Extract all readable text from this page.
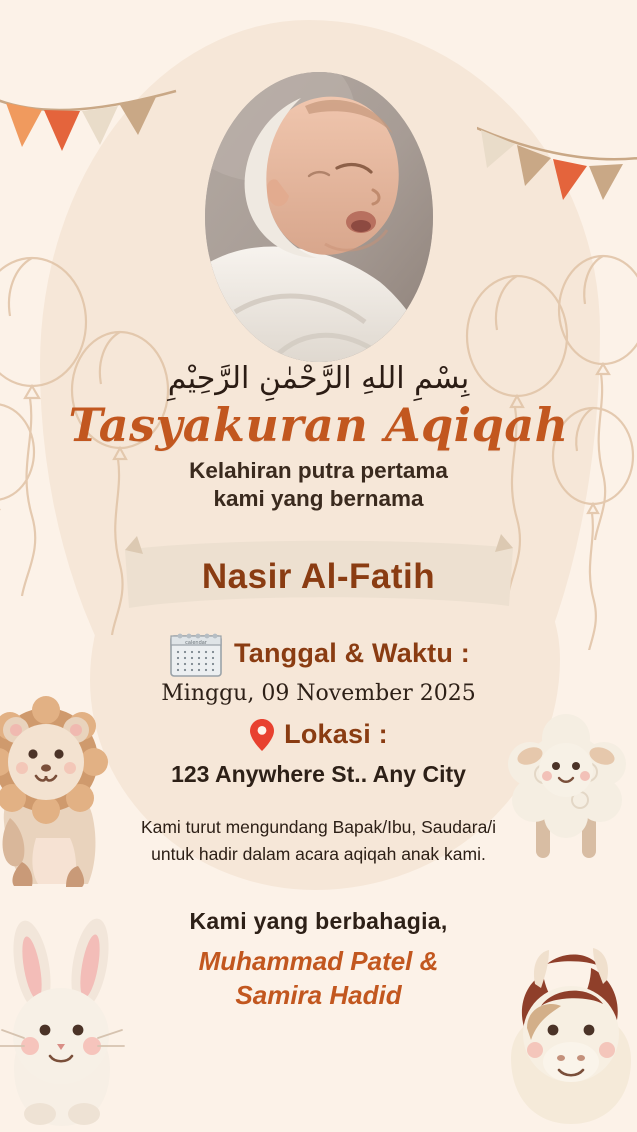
بِسْمِ اللهِ الرَّحْمٰنِ الرَّحِيْمِ
Tasyakuran Aqiqah
Kelahiran putra pertama
kami yang bernama
Nasir Al-Fatih
calendar Tanggal & Waktu :
Minggu, 09 November 2025
Lokasi :
123 Anywhere St.. Any City
Kami turut mengundang Bapak/Ibu, Saudara/i
untuk hadir dalam acara aqiqah anak kami.
Kami yang berbahagia,
Muhammad Patel &
Samira Hadid
